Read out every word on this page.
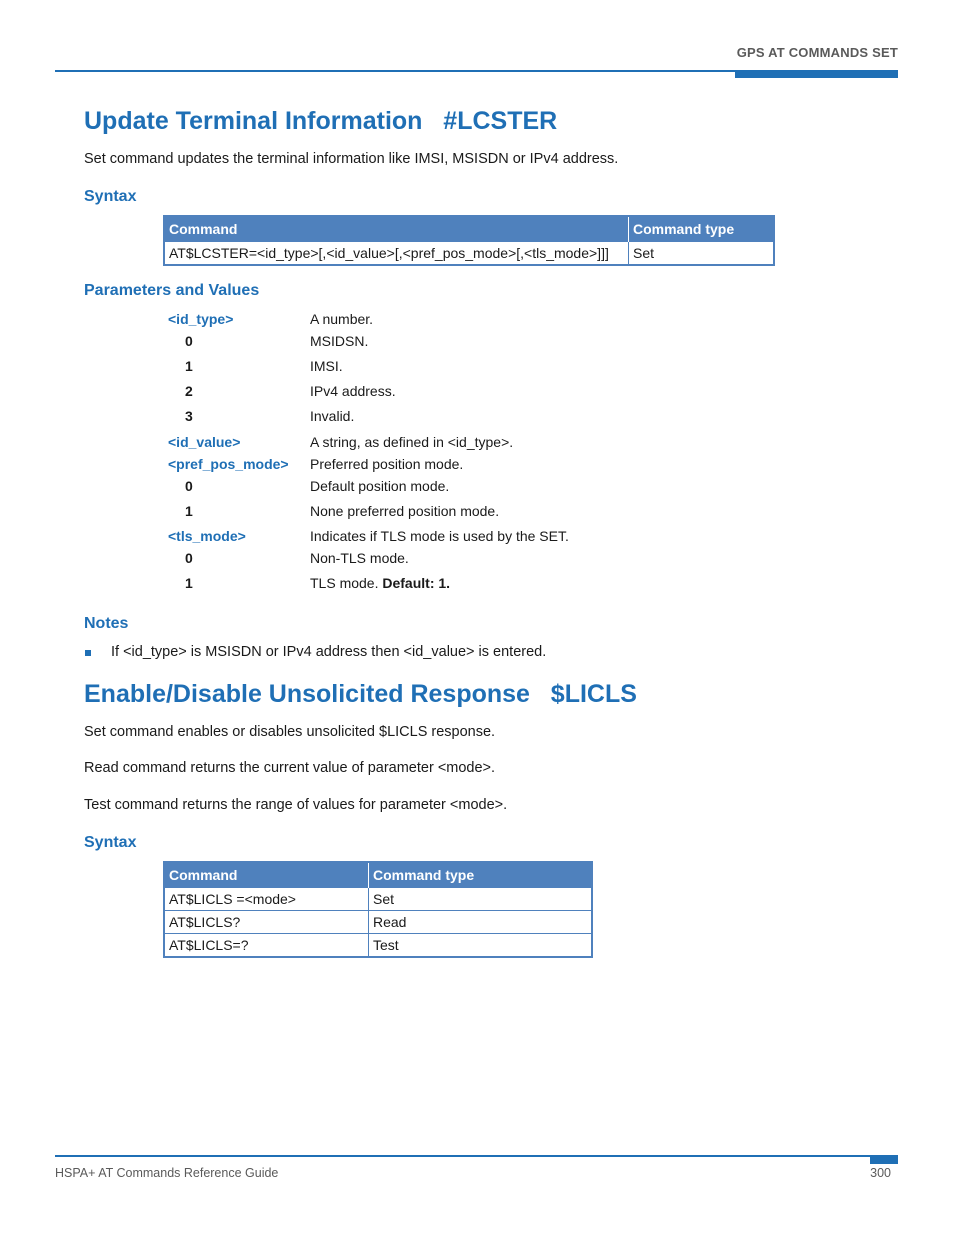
GPS AT COMMANDS SET
Update Terminal Information   #LCSTER
Set command updates the terminal information like IMSI, MSISDN or IPv4 address.
Syntax
Command	Command type
AT$LCSTER=<id_type>[,<id_value>[,<pref_pos_mode>[,<tls_mode>]]]	Set
Parameters and Values
<id_type>	A number.
0	MSIDSN.
1	IMSI.
2	IPv4 address.
3	Invalid.
<id_value>	A string, as defined in <id_type>.
<pref_pos_mode> Preferred position mode.
0	Default position mode.
1	None preferred position mode.
<tls_mode>	Indicates if TLS mode is used by the SET.
0	Non-TLS mode.
1	TLS mode. Default: 1.
Notes
If <id_type> is MSISDN or IPv4 address then <id_value> is entered.
Enable/Disable Unsolicited Response   $LICLS
Set command enables or disables unsolicited $LICLS response.
Read command returns the current value of parameter <mode>.
Test command returns the range of values for parameter <mode>.
Syntax
Command	Command type
AT$LICLS =<mode>	Set
AT$LICLS?	Read
AT$LICLS=?	Test
HSPA+ AT Commands Reference Guide	300
